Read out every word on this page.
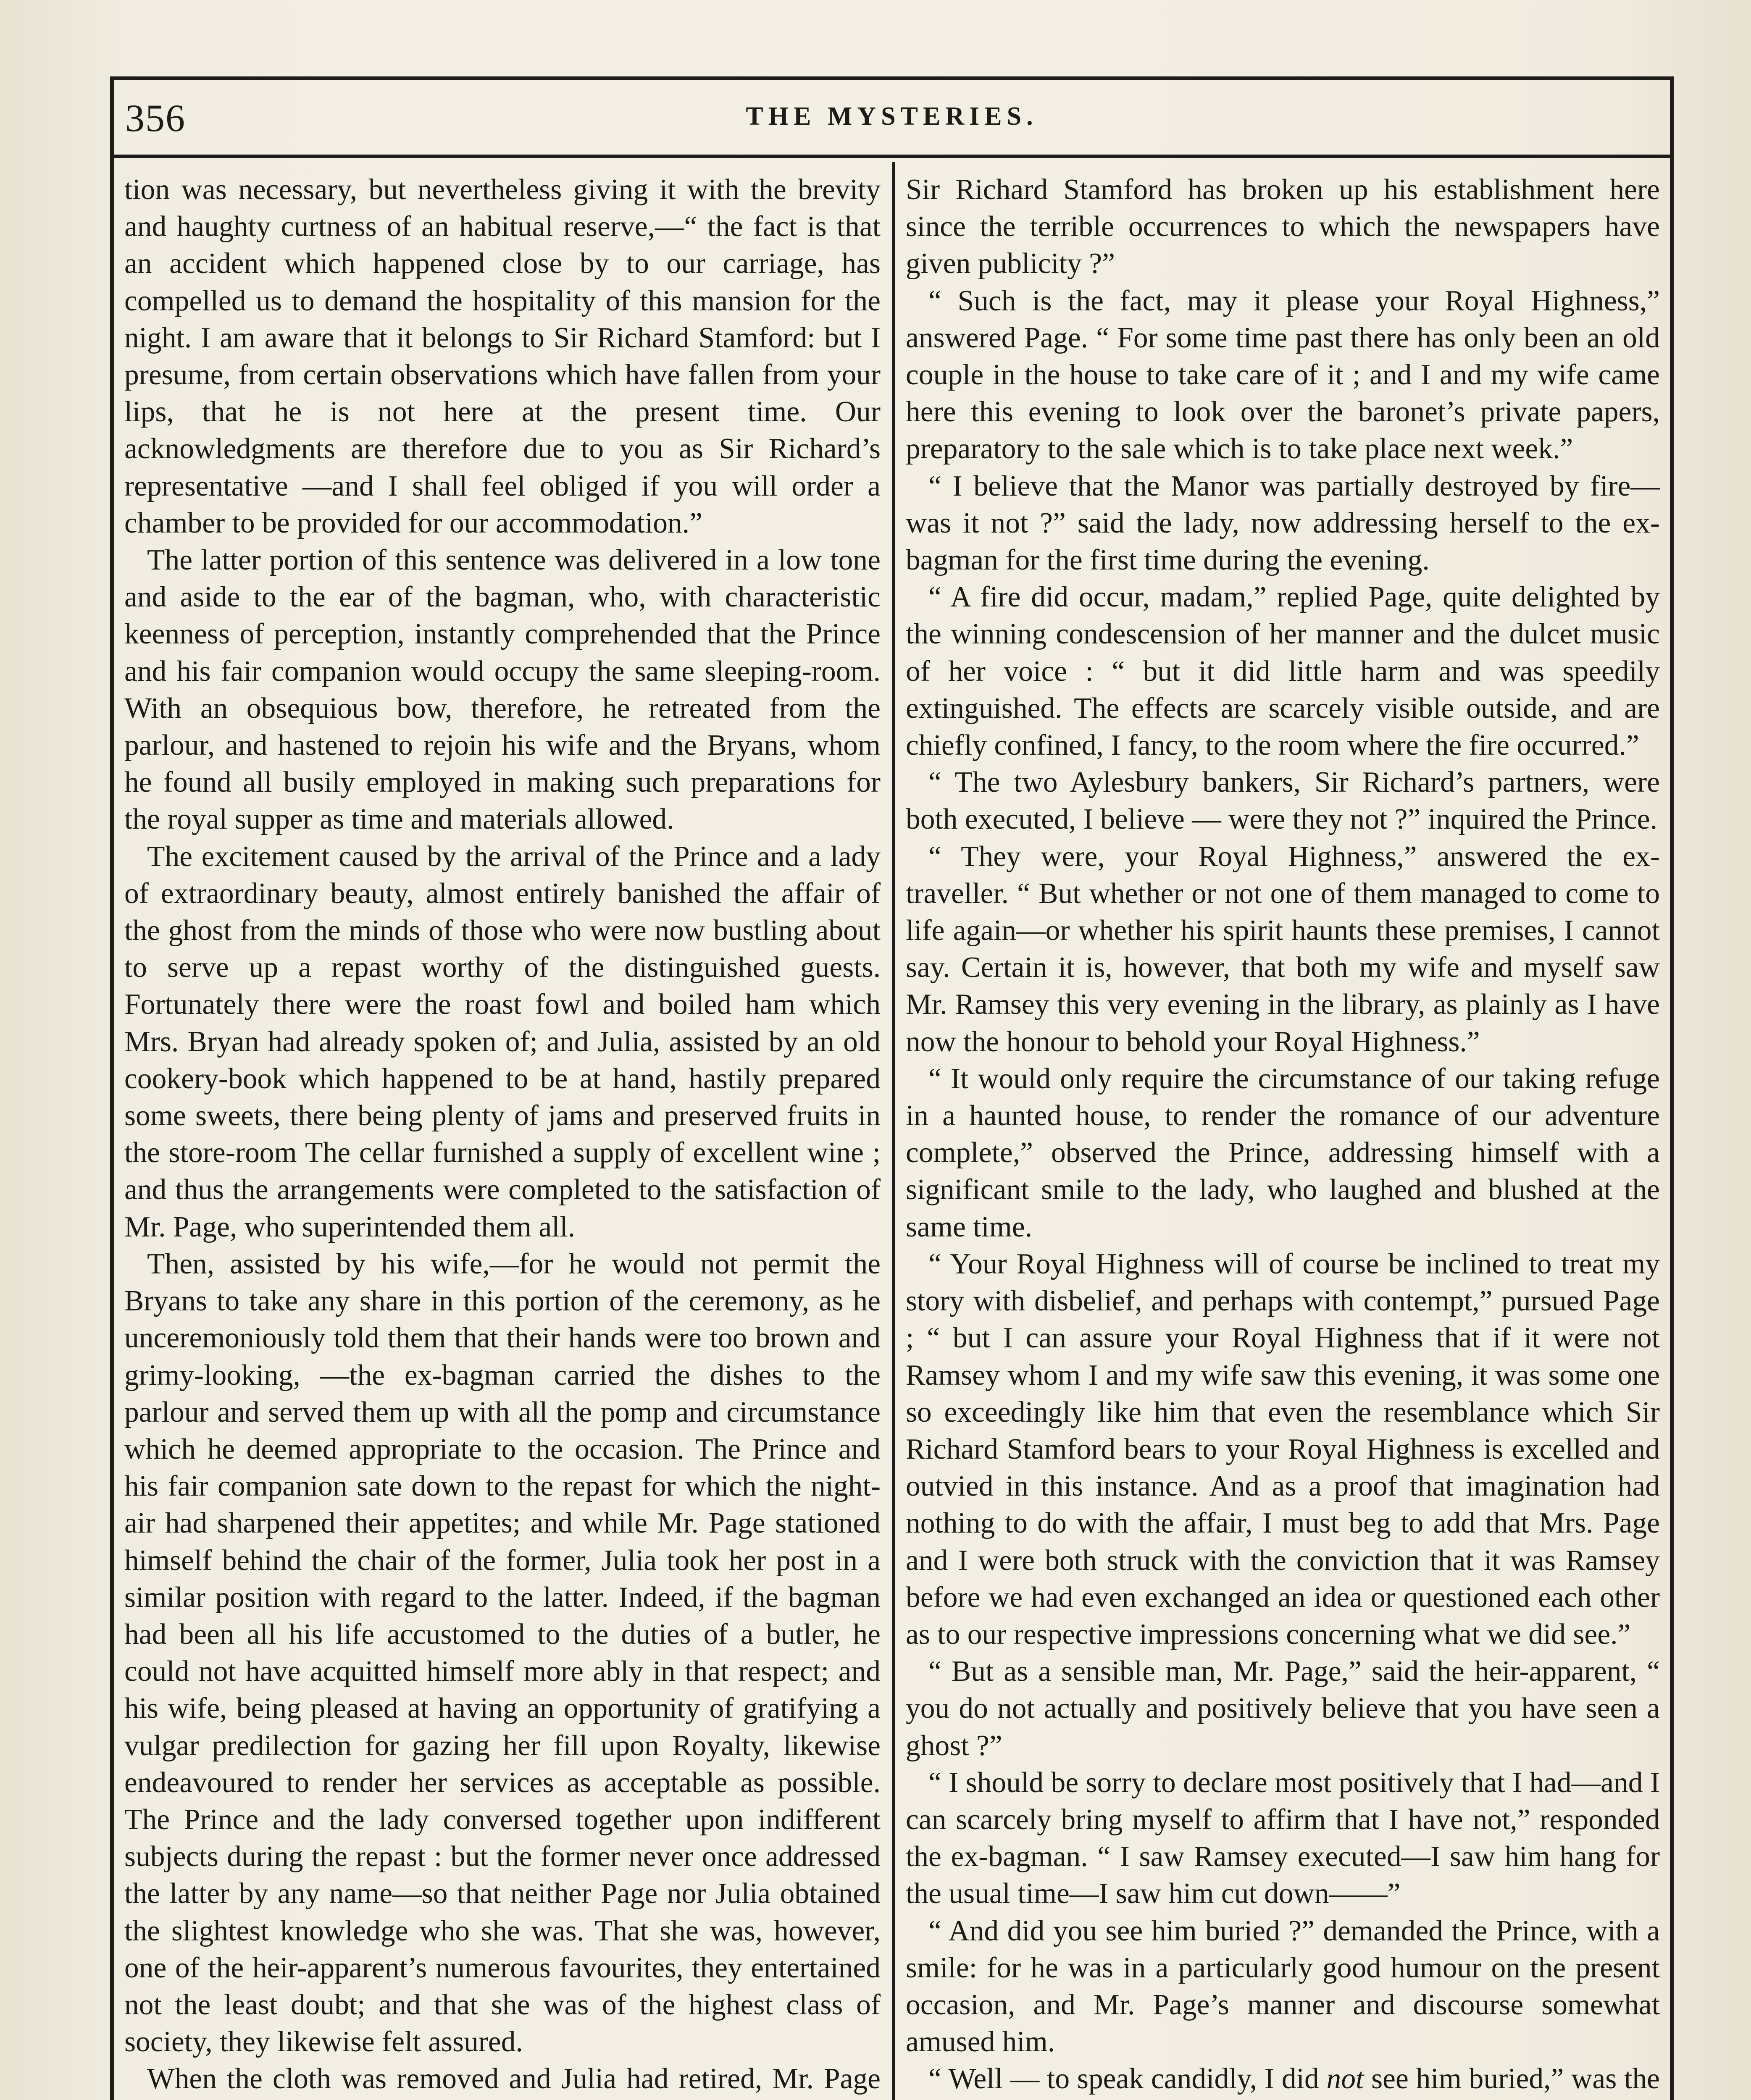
356	THE MYSTERIES.

tion was necessary, but nevertheless giving it with the brevity and haughty curtness of an habitual reserve,—“ the fact is that an accident which happened close by to our carriage, has compelled us to demand the hospitality of this mansion for the night. I am aware that it belongs to Sir Richard Stamford: but I presume, from certain observations which have fallen from your lips, that he is not here at the present time. Our acknowledgments are therefore due to you as Sir Richard’s representative —and I shall feel obliged if you will order a chamber to be provided for our accommodation.”

The latter portion of this sentence was delivered in a low tone and aside to the ear of the bagman, who, with characteristic keenness of perception, instantly comprehended that the Prince and his fair companion would occupy the same sleeping-room. With an obsequious bow, therefore, he retreated from the parlour, and hastened to rejoin his wife and the Bryans, whom he found all busily employed in making such preparations for the royal supper as time and materials allowed.

The excitement caused by the arrival of the Prince and a lady of extraordinary beauty, almost entirely banished the affair of the ghost from the minds of those who were now bustling about to serve up a repast worthy of the distinguished guests. Fortunately there were the roast fowl and boiled ham which Mrs. Bryan had already spoken of; and Julia, assisted by an old cookery-book which happened to be at hand, hastily prepared some sweets, there being plenty of jams and preserved fruits in the store-room The cellar furnished a supply of excellent wine ; and thus the arrangements were completed to the satisfaction of Mr. Page, who superintended them all.

Then, assisted by his wife,—for he would not permit the Bryans to take any share in this portion of the ceremony, as he unceremoniously told them that their hands were too brown and grimy-looking, —the ex-bagman carried the dishes to the parlour and served them up with all the pomp and circumstance which he deemed appropriate to the occasion. The Prince and his fair companion sate down to the repast for which the night-air had sharpened their appetites; and while Mr. Page stationed himself behind the chair of the former, Julia took her post in a similar position with regard to the latter. Indeed, if the bagman had been all his life accustomed to the duties of a butler, he could not have acquitted himself more ably in that respect; and his wife, being pleased at having an opportunity of gratifying a vulgar predilection for gazing her fill upon Royalty, likewise endeavoured to render her services as acceptable as possible. The Prince and the lady conversed together upon indifferent subjects during the repast : but the former never once addressed the latter by any name—so that neither Page nor Julia obtained the slightest knowledge who she was. That she was, however, one of the heir-apparent’s numerous favourites, they entertained not the least doubt; and that she was of the highest class of society, they likewise felt assured.

When the cloth was removed and Julia had retired, Mr. Page

Sir Richard Stamford has broken up his establishment here since the terrible occurrences to which the newspapers have given publicity ?”

“ Such is the fact, may it please your Royal Highness,” answered Page. “ For some time past there has only been an old couple in the house to take care of it ; and I and my wife came here this evening to look over the baronet’s private papers, preparatory to the sale which is to take place next week.”

“ I believe that the Manor was partially destroyed by fire—was it not ?” said the lady, now addressing herself to the ex-bagman for the first time during the evening.

“ A fire did occur, madam,” replied Page, quite delighted by the winning condescension of her manner and the dulcet music of her voice : “ but it did little harm and was speedily extinguished. The effects are scarcely visible outside, and are chiefly confined, I fancy, to the room where the fire occurred.”

“ The two Aylesbury bankers, Sir Richard’s partners, were both executed, I believe — were they not ?” inquired the Prince.

“ They were, your Royal Highness,” answered the ex-traveller. “ But whether or not one of them managed to come to life again—or whether his spirit haunts these premises, I cannot say. Certain it is, however, that both my wife and myself saw Mr. Ramsey this very evening in the library, as plainly as I have now the honour to behold your Royal Highness.”

“ It would only require the circumstance of our taking refuge in a haunted house, to render the romance of our adventure complete,” observed the Prince, addressing himself with a significant smile to the lady, who laughed and blushed at the same time.

“ Your Royal Highness will of course be inclined to treat my story with disbelief, and perhaps with contempt,” pursued Page ; “ but I can assure your Royal Highness that if it were not Ramsey whom I and my wife saw this evening, it was some one so exceedingly like him that even the resemblance which Sir Richard Stamford bears to your Royal Highness is excelled and outvied in this instance. And as a proof that imagination had nothing to do with the affair, I must beg to add that Mrs. Page and I were both struck with the conviction that it was Ramsey before we had even exchanged an idea or questioned each other as to our respective impressions concerning what we did see.”

“ But as a sensible man, Mr. Page,” said the heir-apparent, “ you do not actually and positively believe that you have seen a ghost ?”

“ I should be sorry to declare most positively that I had—and I can scarcely bring myself to affirm that I have not,” responded the ex-bagman. “ I saw Ramsey executed—I saw him hang for the usual time—I saw him cut down——”

“ And did you see him buried ?” demanded the Prince, with a smile: for he was in a particularly good humour on the present occasion, and Mr. Page’s manner and discourse somewhat amused him.

“ Well — to speak candidly, I did not see him buried,” was the
